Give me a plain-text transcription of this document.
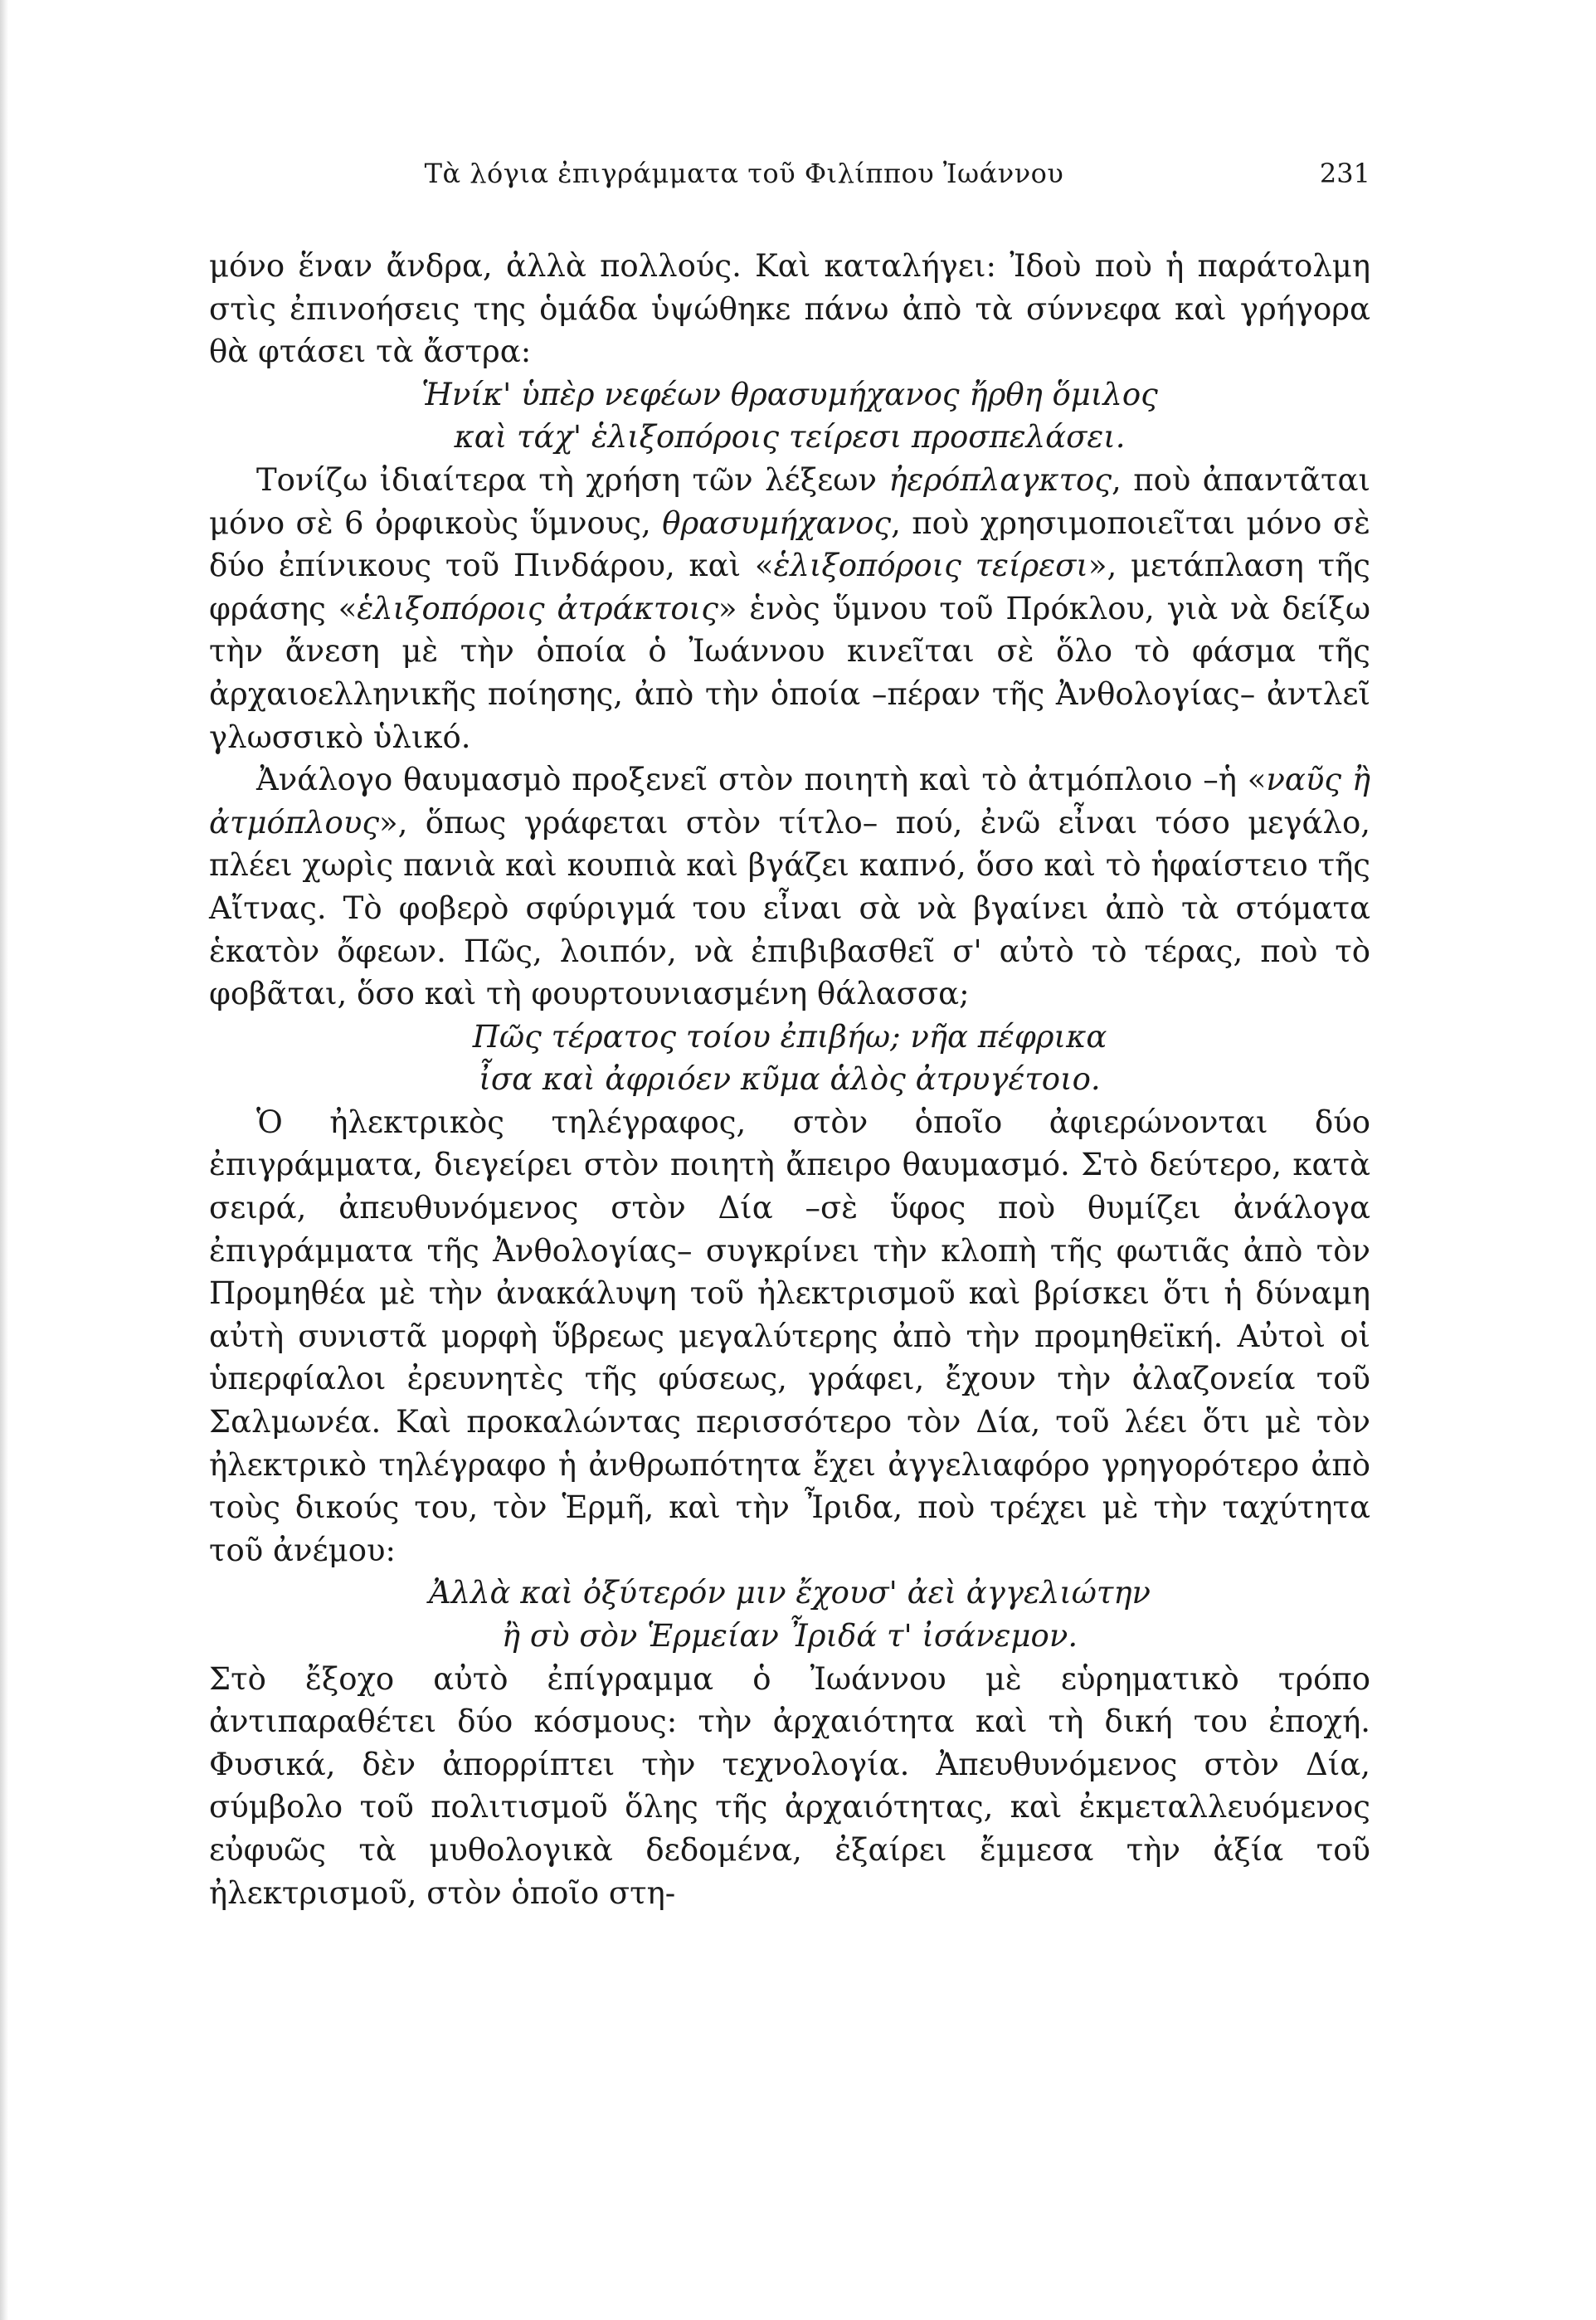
Τὰ λόγια ἐπιγράμματα τοῦ Φιλίππου Ἰωάννου	231

μόνο ἕναν ἄνδρα, ἀλλὰ πολλούς. Καὶ καταλήγει: Ἰδοὺ ποὺ ἡ παράτολμη στὶς ἐπινοήσεις της ὁμάδα ὑψώθηκε πάνω ἀπὸ τὰ σύννεφα καὶ γρήγορα θὰ φτάσει τὰ ἄστρα:

Ἡνίκ' ὑπὲρ νεφέων θρασυμήχανος ἤρθη ὅμιλος

καὶ τάχ' ἑλιξοπόροις τείρεσι προσπελάσει.

Τονίζω ἰδιαίτερα τὴ χρήση τῶν λέξεων ἠερόπλαγκτος, ποὺ ἀπαντᾶται μόνο σὲ 6 ὀρφικοὺς ὕμνους, θρασυμήχανος, ποὺ χρησιμοποιεῖται μόνο σὲ δύο ἐπίνικους τοῦ Πινδάρου, καὶ «ἑλιξοπόροις τείρεσι», μετάπλαση τῆς φράσης «ἑλιξοπόροις ἀτράκτοις» ἑνὸς ὕμνου τοῦ Πρόκλου, γιὰ νὰ δείξω τὴν ἄνεση μὲ τὴν ὁποία ὁ Ἰωάννου κινεῖται σὲ ὅλο τὸ φάσμα τῆς ἀρχαιοελληνικῆς ποίησης, ἀπὸ τὴν ὁποία –πέραν τῆς Ἀνθολογίας– ἀντλεῖ γλωσσικὸ ὑλικό.

Ἀνάλογο θαυμασμὸ προξενεῖ στὸν ποιητὴ καὶ τὸ ἀτμόπλοιο –ἡ «ναῦς ἢ ἀτμόπλους», ὅπως γράφεται στὸν τίτλο– πού, ἐνῶ εἶναι τόσο μεγάλο, πλέει χωρὶς πανιὰ καὶ κουπιὰ καὶ βγάζει καπνό, ὅσο καὶ τὸ ἡφαίστειο τῆς Αἴτνας. Τὸ φοβερὸ σφύριγμά του εἶναι σὰ νὰ βγαίνει ἀπὸ τὰ στόματα ἑκατὸν ὄφεων. Πῶς, λοιπόν, νὰ ἐπιβιβασθεῖ σ' αὐτὸ τὸ τέρας, ποὺ τὸ φοβᾶται, ὅσο καὶ τὴ φουρτουνιασμένη θάλασσα;

Πῶς τέρατος τοίου ἐπιβήω; νῆα πέφρικα

ἶσα καὶ ἀφριόεν κῦμα ἁλὸς ἀτρυγέτοιο.

Ὁ ἠλεκτρικὸς τηλέγραφος, στὸν ὁποῖο ἀφιερώνονται δύο ἐπιγράμματα, διεγείρει στὸν ποιητὴ ἄπειρο θαυμασμό. Στὸ δεύτερο, κατὰ σειρά, ἀπευθυνόμενος στὸν Δία –σὲ ὕφος ποὺ θυμίζει ἀνάλογα ἐπιγράμματα τῆς Ἀνθολογίας– συγκρίνει τὴν κλοπὴ τῆς φωτιᾶς ἀπὸ τὸν Προμηθέα μὲ τὴν ἀνακάλυψη τοῦ ἠλεκτρισμοῦ καὶ βρίσκει ὅτι ἡ δύναμη αὐτὴ συνιστᾶ μορφὴ ὕβρεως μεγαλύτερης ἀπὸ τὴν προμηθεϊκή. Αὐτοὶ οἱ ὑπερφίαλοι ἐρευνητὲς τῆς φύσεως, γράφει, ἔχουν τὴν ἀλαζονεία τοῦ Σαλμωνέα. Καὶ προκαλώντας περισσότερο τὸν Δία, τοῦ λέει ὅτι μὲ τὸν ἠλεκτρικὸ τηλέγραφο ἡ ἀνθρωπότητα ἔχει ἀγγελιαφόρο γρηγορότερο ἀπὸ τοὺς δικούς του, τὸν Ἑρμῆ, καὶ τὴν Ἶριδα, ποὺ τρέχει μὲ τὴν ταχύτητα τοῦ ἀνέμου:

Ἀλλὰ καὶ ὀξύτερόν μιν ἔχουσ' ἀεὶ ἀγγελιώτην

ἢ σὺ σὸν Ἑρμείαν Ἶριδά τ' ἰσάνεμον.

Στὸ ἔξοχο αὐτὸ ἐπίγραμμα ὁ Ἰωάννου μὲ εὑρηματικὸ τρόπο ἀντιπαραθέτει δύο κόσμους: τὴν ἀρχαιότητα καὶ τὴ δική του ἐποχή. Φυσικά, δὲν ἀπορρίπτει τὴν τεχνολογία. Ἀπευθυνόμενος στὸν Δία, σύμβολο τοῦ πολιτισμοῦ ὅλης τῆς ἀρχαιότητας, καὶ ἐκμεταλλευόμενος εὐφυῶς τὰ μυθολογικὰ δεδομένα, ἐξαίρει ἔμμεσα τὴν ἀξία τοῦ ἠλεκτρισμοῦ, στὸν ὁποῖο στη-
